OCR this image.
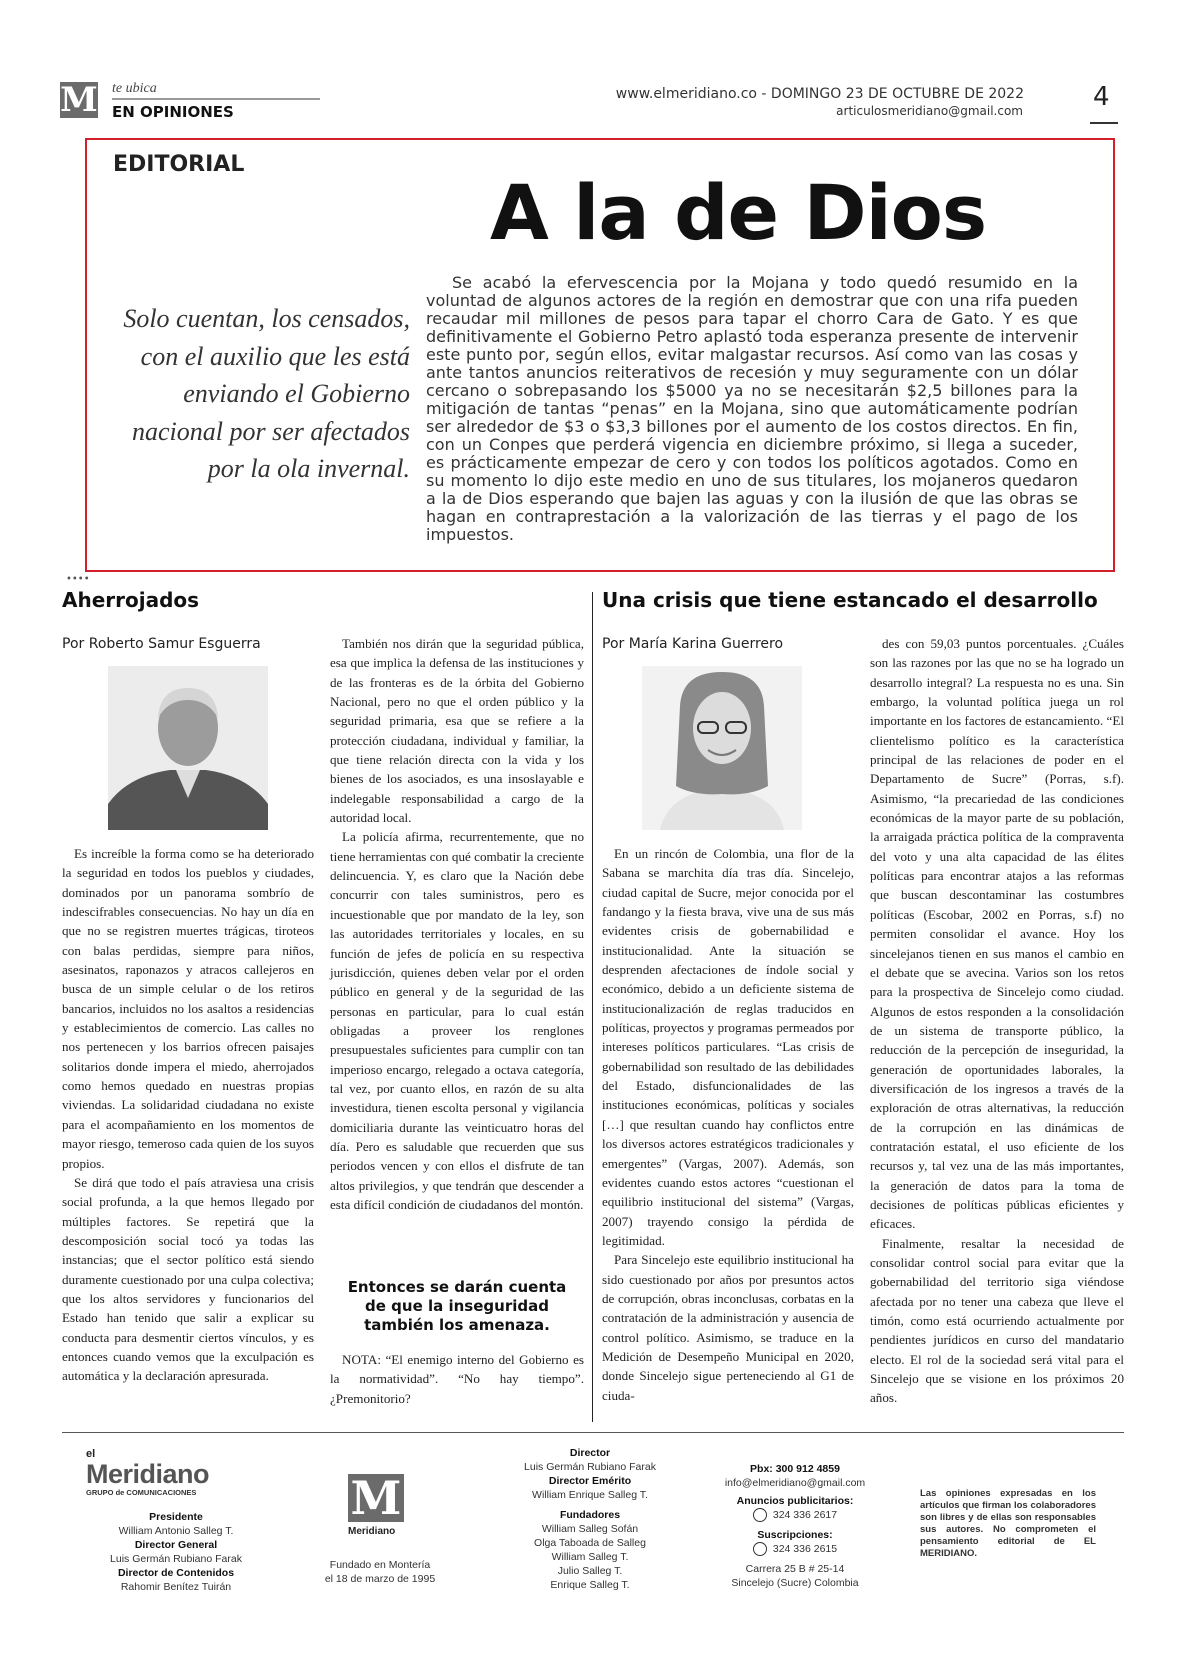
M te ubica
EN OPINIONES
www.elmeridiano.co - DOMINGO 23 DE OCTUBRE DE 2022
articulosmeridiano@gmail.com	4
EDITORIAL
A la de Dios
Solo cuentan, los censados, con el auxilio que les está enviando el Gobierno nacional por ser afectados por la ola invernal.

Se acabó la efervescencia por la Mojana y todo quedó resumido en la voluntad de algunos actores de la región en demostrar que con una rifa pueden recaudar mil millones de pesos para tapar el chorro Cara de Gato. Y es que definitivamente el Gobierno Petro aplastó toda esperanza presente de intervenir este punto por, según ellos, evitar malgastar recursos. Así como van las cosas y ante tantos anuncios reiterativos de recesión y muy seguramente con un dólar cercano o sobrepasando los $5000 ya no se necesitarán $2,5 billones para la mitigación de tantas “penas” en la Mojana, sino que automáticamente podrían ser alrededor de $3 o $3,3 billones por el aumento de los costos directos. En fin, con un Conpes que perderá vigencia en diciembre próximo, si llega a suceder, es prácticamente empezar de cero y con todos los políticos agotados. Como en su momento lo dijo este medio en uno de sus titulares, los mojaneros quedaron a la de Dios esperando que bajen las aguas y con la ilusión de que las obras se hagan en contraprestación a la valorización de las tierras y el pago de los impuestos.

••••
Aherrojados
Por Roberto Samur Esguerra

Es increíble la forma como se ha deteriorado la seguridad en todos los pueblos y ciudades, dominados por un panorama sombrío de indescifrables consecuencias. No hay un día en que no se registren muertes trágicas, tiroteos con balas perdidas, siempre para niños, asesinatos, raponazos y atracos callejeros en busca de un simple celular o de los retiros bancarios, incluidos no los asaltos a residencias y establecimientos de comercio. Las calles no nos pertenecen y los barrios ofrecen paisajes solitarios donde impera el miedo, aherrojados como hemos quedado en nuestras propias viviendas. La solidaridad ciudadana no existe para el acompañamiento en los momentos de mayor riesgo, temeroso cada quien de los suyos propios.

Se dirá que todo el país atraviesa una crisis social profunda, a la que hemos llegado por múltiples factores. Se repetirá que la descomposición social tocó ya todas las instancias; que el sector político está siendo duramente cuestionado por una culpa colectiva; que los altos servidores y funcionarios del Estado han tenido que salir a explicar su conducta para desmentir ciertos vínculos, y es entonces cuando vemos que la exculpación es automática y la declaración apresurada.

También nos dirán que la seguridad pública, esa que implica la defensa de las instituciones y de las fronteras es de la órbita del Gobierno Nacional, pero no que el orden público y la seguridad primaria, esa que se refiere a la protección ciudadana, individual y familiar, la que tiene relación directa con la vida y los bienes de los asociados, es una insoslayable e indelegable responsabilidad a cargo de la autoridad local.

La policía afirma, recurrentemente, que no tiene herramientas con qué combatir la creciente delincuencia. Y, es claro que la Nación debe concurrir con tales suministros, pero es incuestionable que por mandato de la ley, son las autoridades territoriales y locales, en su función de jefes de policía en su respectiva jurisdicción, quienes deben velar por el orden público en general y de la seguridad de las personas en particular, para lo cual están obligadas a proveer los renglones presupuestales suficientes para cumplir con tan imperioso encargo, relegado a octava categoría, tal vez, por cuanto ellos, en razón de su alta investidura, tienen escolta personal y vigilancia domiciliaria durante las veinticuatro horas del día. Pero es saludable que recuerden que sus periodos vencen y con ellos el disfrute de tan altos privilegios, y que tendrán que descender a esta difícil condición de ciudadanos del montón.

Entonces se darán cuenta de que la inseguridad también los amenaza.

NOTA: “El enemigo interno del Gobierno es la normatividad”. “No hay tiempo”. ¿Premonitorio?

Una crisis que tiene estancado el desarrollo
Por María Karina Guerrero

En un rincón de Colombia, una flor de la Sabana se marchita día tras día. Sincelejo, ciudad capital de Sucre, mejor conocida por el fandango y la fiesta brava, vive una de sus más evidentes crisis de gobernabilidad e institucionalidad. Ante la situación se desprenden afectaciones de índole social y económico, debido a un deficiente sistema de institucionalización de reglas traducidos en políticas, proyectos y programas permeados por intereses políticos particulares. “Las crisis de gobernabilidad son resultado de las debilidades del Estado, disfuncionalidades de las instituciones económicas, políticas y sociales […] que resultan cuando hay conflictos entre los diversos actores estratégicos tradicionales y emergentes” (Vargas, 2007). Además, son evidentes cuando estos actores “cuestionan el equilibrio institucional del sistema” (Vargas, 2007) trayendo consigo la pérdida de legitimidad.

Para Sincelejo este equilibrio institucional ha sido cuestionado por años por presuntos actos de corrupción, obras inconclusas, corbatas en la contratación de la administración y ausencia de control político. Asimismo, se traduce en la Medición de Desempeño Municipal en 2020, donde Sincelejo sigue perteneciendo al G1 de ciuda-

des con 59,03 puntos porcentuales. ¿Cuáles son las razones por las que no se ha logrado un desarrollo integral? La respuesta no es una. Sin embargo, la voluntad política juega un rol importante en los factores de estancamiento. “El clientelismo político es la característica principal de las relaciones de poder en el Departamento de Sucre” (Porras, s.f). Asimismo, “la precariedad de las condiciones económicas de la mayor parte de su población, la arraigada práctica política de la compraventa del voto y una alta capacidad de las élites políticas para encontrar atajos a las reformas que buscan descontaminar las costumbres políticas (Escobar, 2002 en Porras, s.f) no permiten consolidar el avance. Hoy los sincelejanos tienen en sus manos el cambio en el debate que se avecina. Varios son los retos para la prospectiva de Sincelejo como ciudad. Algunos de estos responden a la consolidación de un sistema de transporte público, la reducción de la percepción de inseguridad, la generación de oportunidades laborales, la diversificación de los ingresos a través de la exploración de otras alternativas, la reducción de la corrupción en las dinámicas de contratación estatal, el uso eficiente de los recursos y, tal vez una de las más importantes, la generación de datos para la toma de decisiones de políticas públicas eficientes y eficaces.

Finalmente, resaltar la necesidad de consolidar control social para evitar que la gobernabilidad del territorio siga viéndose afectada por no tener una cabeza que lleve el timón, como está ocurriendo actualmente por pendientes jurídicos en curso del mandatario electo. El rol de la sociedad será vital para el Sincelejo que se visione en los próximos 20 años.

el
Meridiano
GRUPO de COMUNICACIONES
Presidente
William Antonio Salleg T.
Director General
Luis Germán Rubiano Farak
Director de Contenidos
Rahomir Benítez Tuirán
M
Meridiano
Fundado en Montería
el 18 de marzo de 1995
Director
Luis Germán Rubiano Farak
Director Emérito
William Enrique Salleg T.
Fundadores
William Salleg Sofán
Olga Taboada de Salleg
William Salleg T.
Julio Salleg T.
Enrique Salleg T.
Pbx: 300 912 4859
info@elmeridiano@gmail.com
Anuncios publicitarios:
324 336 2617
Suscripciones:
324 336 2615
Carrera 25 B # 25-14
Sincelejo (Sucre) Colombia
Las opiniones expresadas en los artículos que firman los colaboradores son libres y de ellas son responsables sus autores. No comprometen el pensamiento editorial de EL MERIDIANO.
